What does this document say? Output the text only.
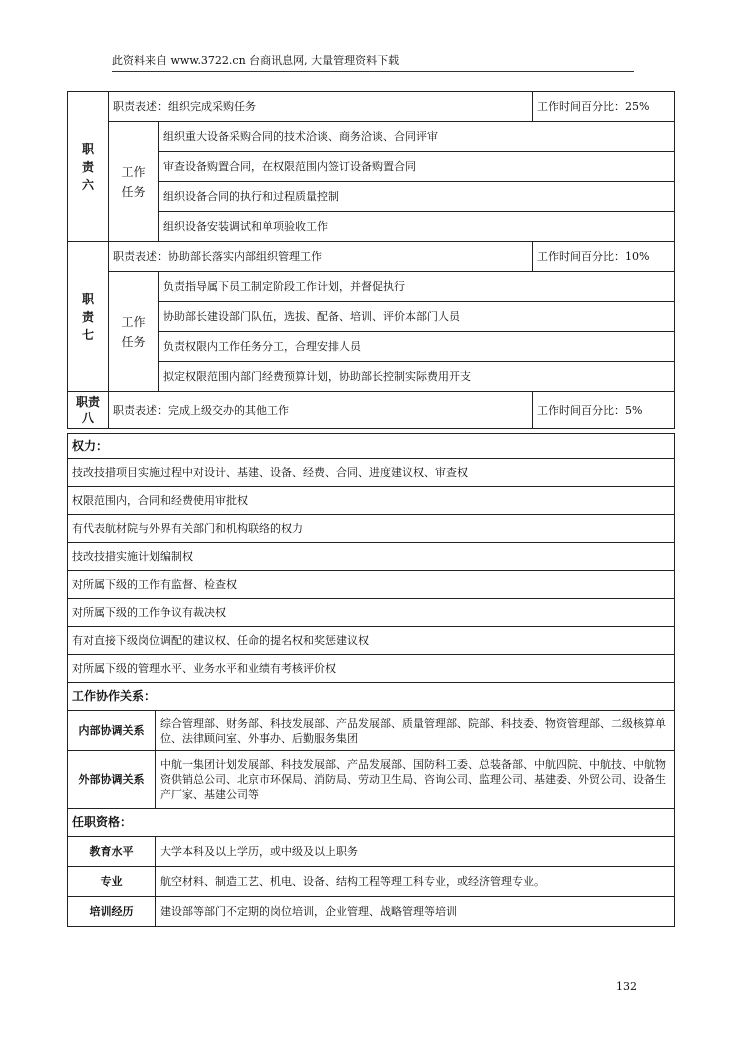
此资料来自 www.3722.cn 台商讯息网, 大量管理资料下载
职
责
六	职责表述：组织完成采购任务		工作时间百分比：25%
	工作
任务	组织重大设备采购合同的技术洽谈、商务洽谈、合同评审	
		审查设备购置合同，在权限范围内签订设备购置合同	
		组织设备合同的执行和过程质量控制	
		组织设备安装调试和单项验收工作	
职
责
七	职责表述：协助部长落实内部组织管理工作		工作时间百分比：10%
	工作
任务	负责指导属下员工制定阶段工作计划，并督促执行	
		协助部长建设部门队伍，选拔、配备、培训、评价本部门人员	
		负责权限内工作任务分工，合理安排人员	
		拟定权限范围内部门经费预算计划，协助部长控制实际费用开支	
职责
八	职责表述：完成上级交办的其他工作		工作时间百分比：5%
权力：	
技改技措项目实施过程中对设计、基建、设备、经费、合同、进度建议权、审查权	
权限范围内，合同和经费使用审批权	
有代表航材院与外界有关部门和机构联络的权力	
技改技措实施计划编制权	
对所属下级的工作有监督、检查权	
对所属下级的工作争议有裁决权	
有对直接下级岗位调配的建议权、任命的提名权和奖惩建议权	
对所属下级的管理水平、业务水平和业绩有考核评价权	
工作协作关系：	
内部协调关系	综合管理部、财务部、科技发展部、产品发展部、质量管理部、院部、科技委、物资管理部、二级核算单位、法律顾问室、外事办、后勤服务集团
外部协调关系	中航一集团计划发展部、科技发展部、产品发展部、国防科工委、总装备部、中航四院、中航技、中航物资供销总公司、北京市环保局、消防局、劳动卫生局、咨询公司、监理公司、基建委、外贸公司、设备生产厂家、基建公司等
任职资格：	
教育水平	大学本科及以上学历，或中级及以上职务
专业	航空材料、制造工艺、机电、设备、结构工程等理工科专业，或经济管理专业。
培训经历	建设部等部门不定期的岗位培训，企业管理、战略管理等培训
132
